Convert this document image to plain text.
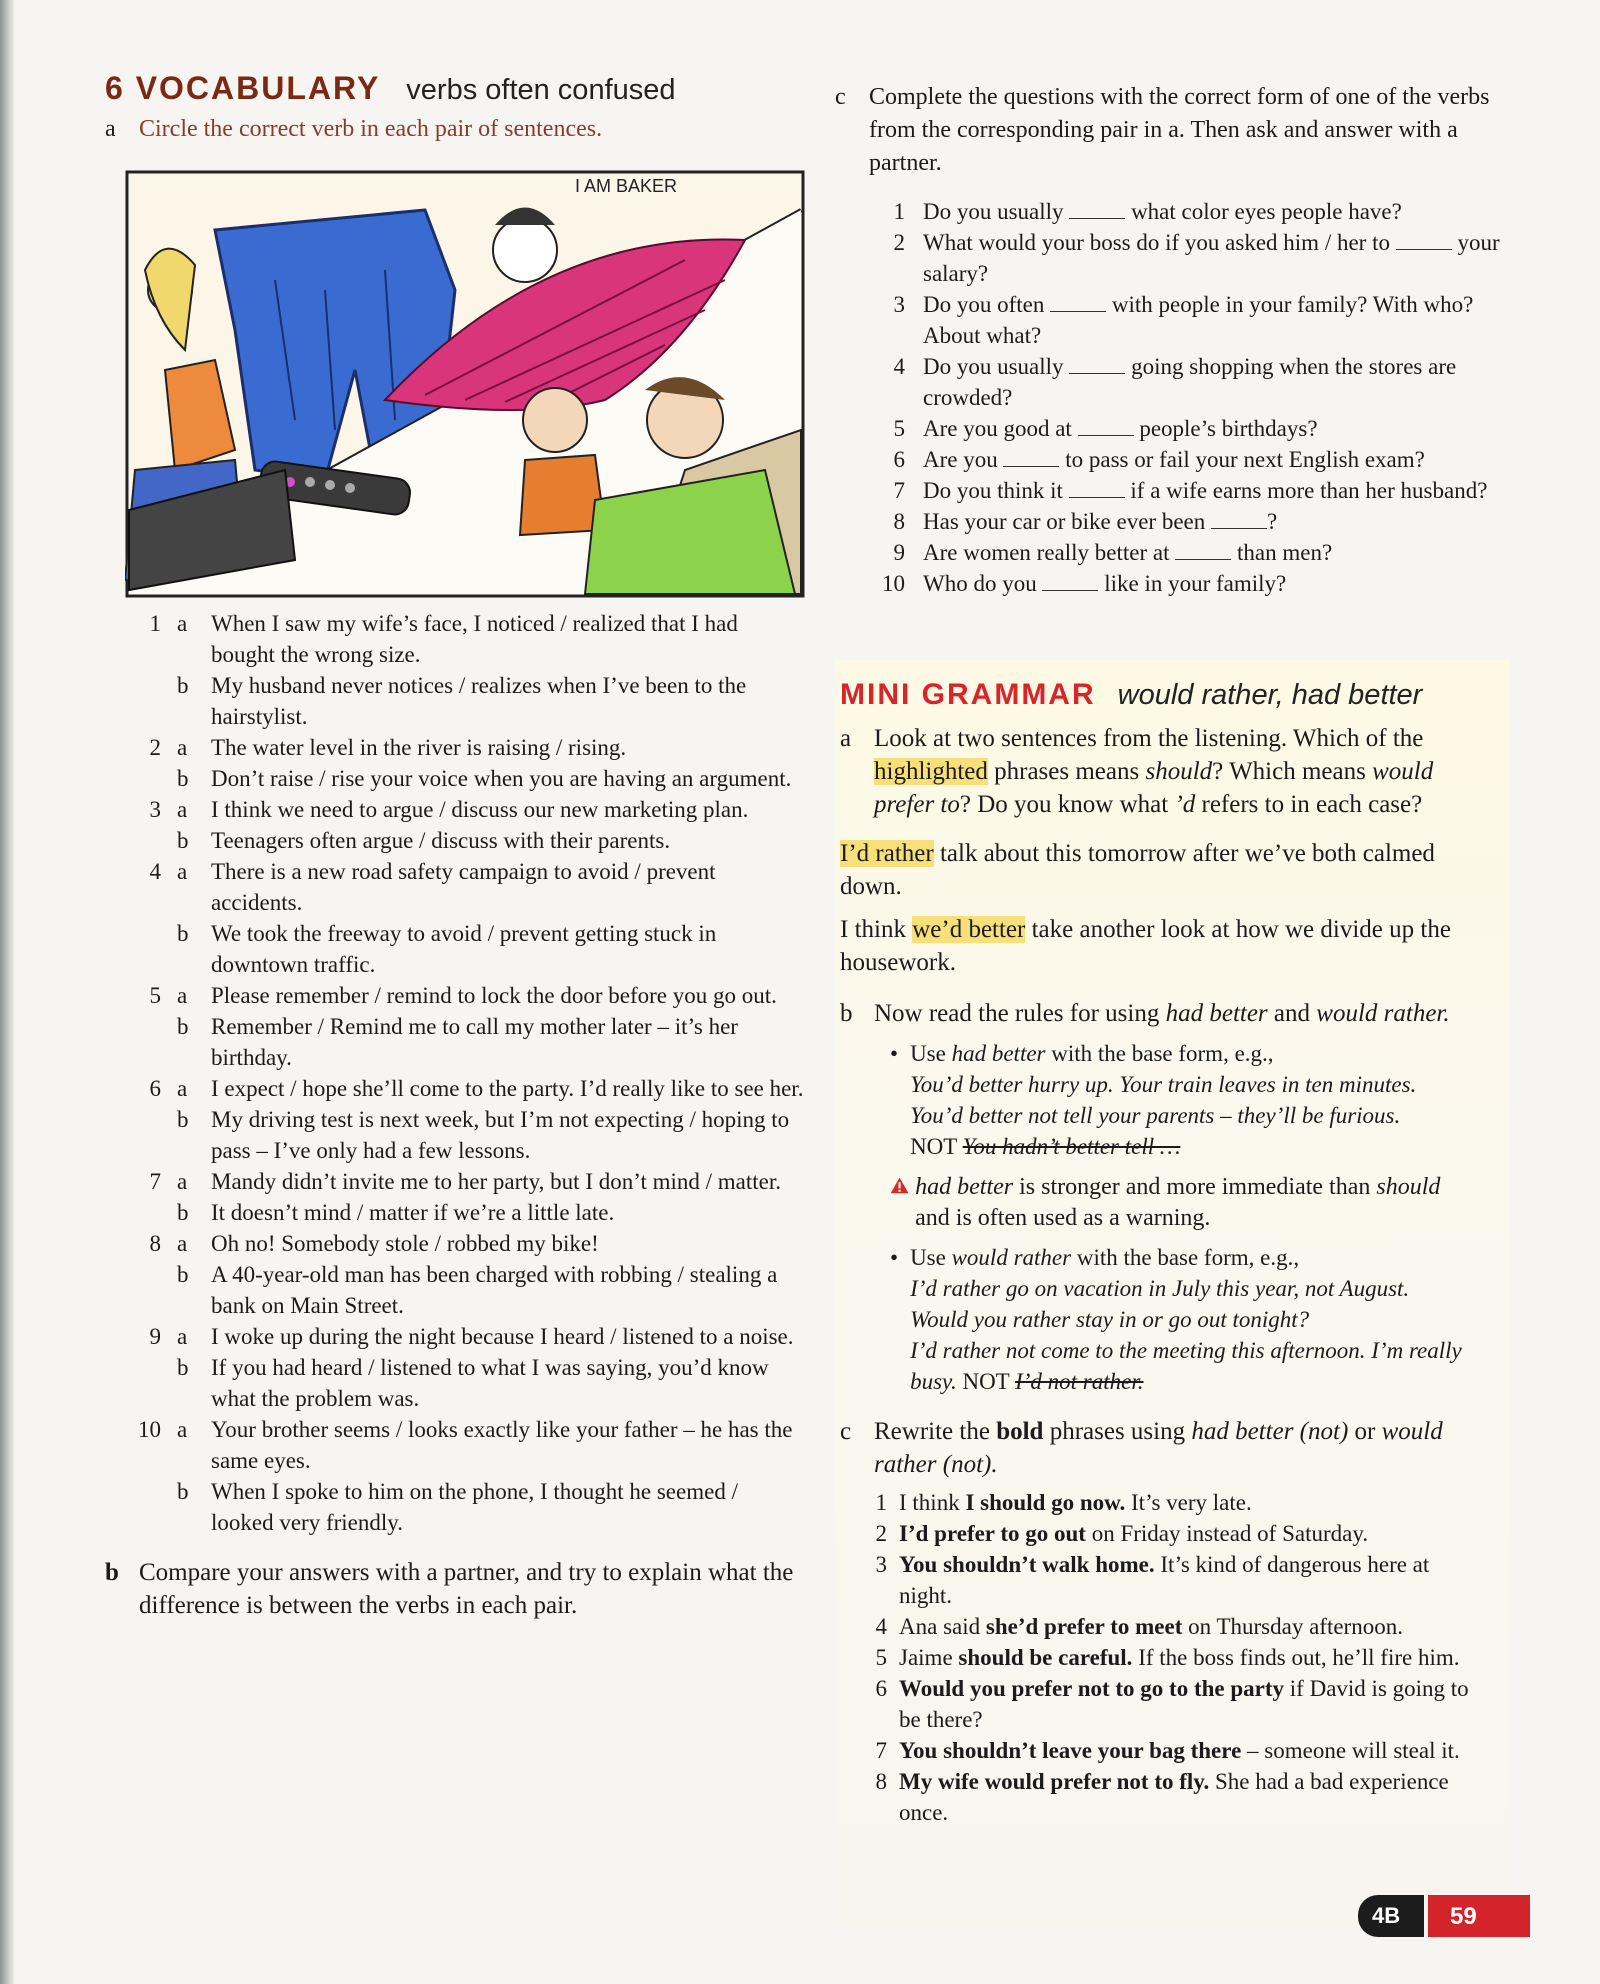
6 VOCABULARY verbs often confused
a Circle the correct verb in each pair of sentences.
I AM BAKER
1 a	When I saw my wife’s face, I noticed / realized that I had bought the wrong size.
b My husband never notices / realizes when I’ve been to the hairstylist.
2 a	The water level in the river is raising / rising.
b Don’t raise / rise your voice when you are having an argument.
3 a	I think we need to argue / discuss our new marketing plan.
b Teenagers often argue / discuss with their parents.
4 a	There is a new road safety campaign to avoid / prevent accidents.
b We took the freeway to avoid / prevent getting stuck in downtown traffic.
5 a	Please remember / remind to lock the door before you go out.
b Remember / Remind me to call my mother later – it’s her birthday.
6 a	I expect / hope she’ll come to the party. I’d really like to see her.
b My driving test is next week, but I’m not expecting / hoping to pass – I’ve only had a few lessons.
7 a	Mandy didn’t invite me to her party, but I don’t mind / matter.
b It doesn’t mind / matter if we’re a little late.
8 a	Oh no! Somebody stole / robbed my bike!
b A 40-year-old man has been charged with robbing / stealing a bank on Main Street.
9 a	I woke up during the night because I heard / listened to a noise.
b If you had heard / listened to what I was saying, you’d know what the problem was.
10 a	Your brother seems / looks exactly like your father – he has the same eyes.
b When I spoke to him on the phone, I thought he seemed / looked very friendly.
b Compare your answers with a partner, and try to explain what the difference is between the verbs in each pair.
c Complete the questions with the correct form of one of the verbs from the corresponding pair in a. Then ask and answer with a partner.
1 Do you usually	what color eyes people have?
2 What would your boss do if you asked him / her to	your salary?
3 Do you often	with people in your family? With who? About what?
4 Do you usually	going shopping when the stores are crowded?
5 Are you good at	people’s birthdays?
6 Are you	to pass or fail your next English exam?
7 Do you think it	if a wife earns more than her husband?
8 Has your car or bike ever been	?
9 Are women really better at	than men?
10 Who do you	like in your family?
MINI GRAMMAR would rather, had better
a Look at two sentences from the listening. Which of the highlighted phrases means should? Which means would prefer to? Do you know what ’d refers to in each case?
I’d rather talk about this tomorrow after we’ve both calmed down.
I think we’d better take another look at how we divide up the housework.
b Now read the rules for using had better and would rather.
• Use had better with the base form, e.g.,
You’d better hurry up. Your train leaves in ten minutes.
You’d better not tell your parents – they’ll be furious.
NOT You hadn’t better tell …
had better is stronger and more immediate than should and is often used as a warning.
• Use would rather with the base form, e.g.,
I’d rather go on vacation in July this year, not August.
Would you rather stay in or go out tonight?
I’d rather not come to the meeting this afternoon. I’m really busy. NOT I’d not rather.
c Rewrite the bold phrases using had better (not) or would rather (not).
1 I think I should go now. It’s very late.
2 I’d prefer to go out on Friday instead of Saturday.
3 You shouldn’t walk home. It’s kind of dangerous here at night.
4 Ana said she’d prefer to meet on Thursday afternoon.
5 Jaime should be careful. If the boss finds out, he’ll fire him.
6 Would you prefer not to go to the party if David is going to be there?
7 You shouldn’t leave your bag there – someone will steal it.
8 My wife would prefer not to fly. She had a bad experience once.
4B	59
